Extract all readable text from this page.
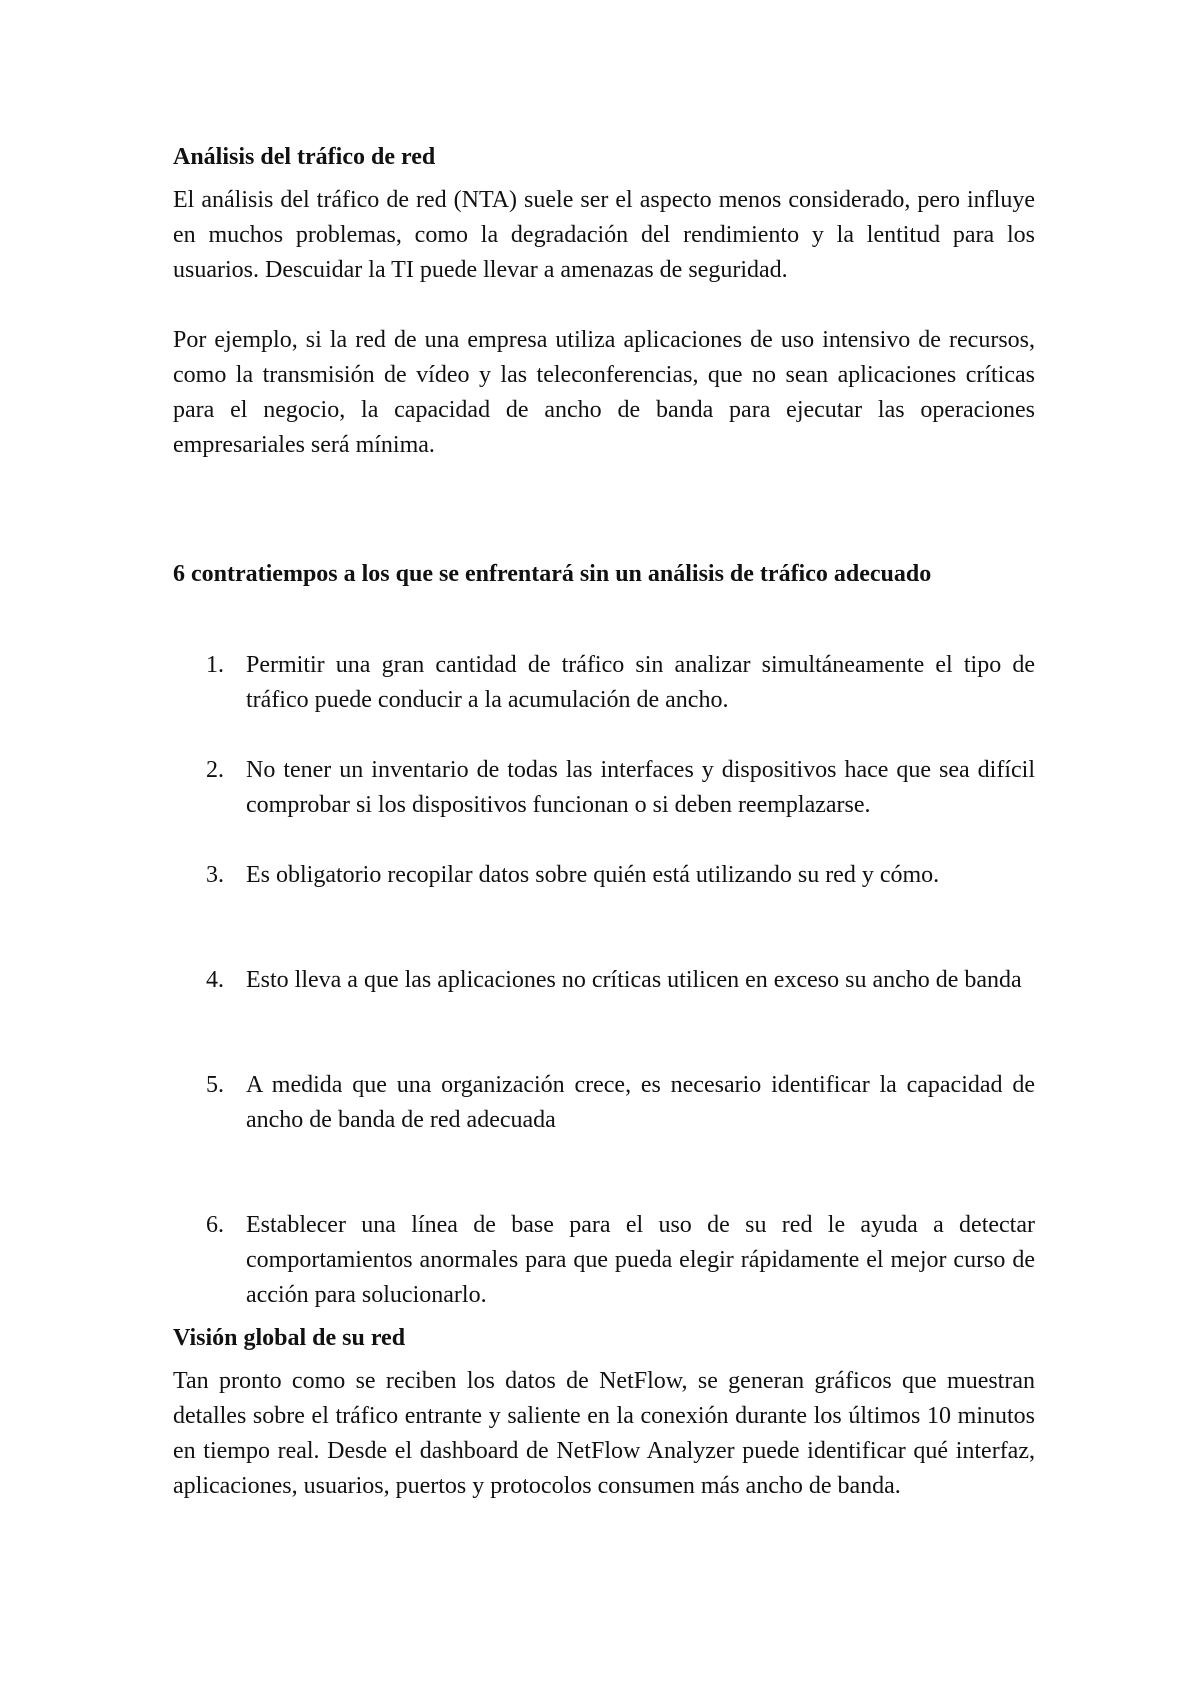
Análisis del tráfico de red

El análisis del tráfico de red (NTA) suele ser el aspecto menos considerado, pero influye en muchos problemas, como la degradación del rendimiento y la lentitud para los usuarios. Descuidar la TI puede llevar a amenazas de seguridad.

Por ejemplo, si la red de una empresa utiliza aplicaciones de uso intensivo de recursos, como la transmisión de vídeo y las teleconferencias, que no sean aplicaciones críticas para el negocio, la capacidad de ancho de banda para ejecutar las operaciones empresariales será mínima.

6 contratiempos a los que se enfrentará sin un análisis de tráfico adecuado

1. Permitir una gran cantidad de tráfico sin analizar simultáneamente el tipo de tráfico puede conducir a la acumulación de ancho.
2. No tener un inventario de todas las interfaces y dispositivos hace que sea difícil comprobar si los dispositivos funcionan o si deben reemplazarse.
3. Es obligatorio recopilar datos sobre quién está utilizando su red y cómo.
4. Esto lleva a que las aplicaciones no críticas utilicen en exceso su ancho de banda
5. A medida que una organización crece, es necesario identificar la capacidad de ancho de banda de red adecuada
6. Establecer una línea de base para el uso de su red le ayuda a detectar comportamientos anormales para que pueda elegir rápidamente el mejor curso de acción para solucionarlo.

Visión global de su red

Tan pronto como se reciben los datos de NetFlow, se generan gráficos que muestran detalles sobre el tráfico entrante y saliente en la conexión durante los últimos 10 minutos en tiempo real. Desde el dashboard de NetFlow Analyzer puede identificar qué interfaz, aplicaciones, usuarios, puertos y protocolos consumen más ancho de banda.
